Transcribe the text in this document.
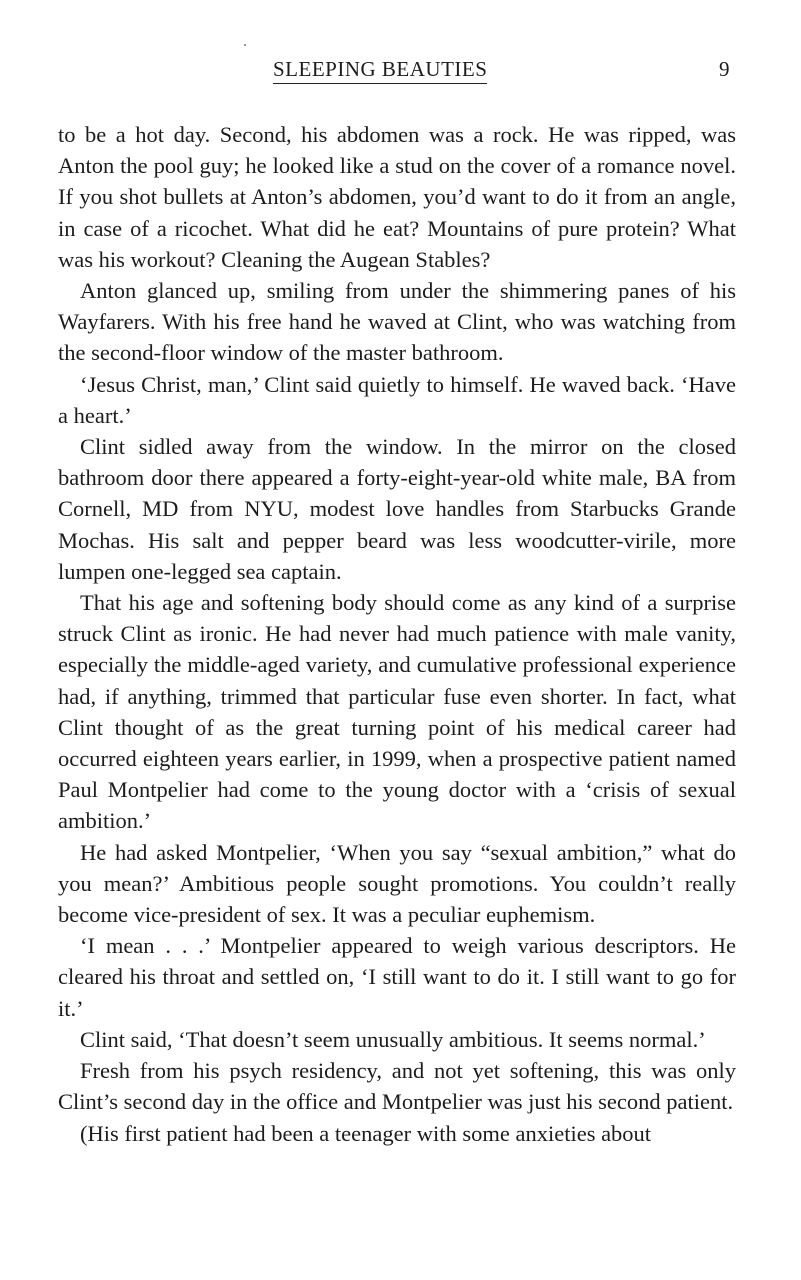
SLEEPING BEAUTIES	9

to be a hot day. Second, his abdomen was a rock. He was ripped, was Anton the pool guy; he looked like a stud on the cover of a romance novel. If you shot bullets at Anton’s abdomen, you’d want to do it from an angle, in case of a ricochet. What did he eat? Mountains of pure protein? What was his workout? Cleaning the Augean Stables?

Anton glanced up, smiling from under the shimmering panes of his Wayfarers. With his free hand he waved at Clint, who was watching from the second-floor window of the master bathroom.

‘Jesus Christ, man,’ Clint said quietly to himself. He waved back. ‘Have a heart.’

Clint sidled away from the window. In the mirror on the closed bathroom door there appeared a forty-eight-year-old white male, BA from Cornell, MD from NYU, modest love handles from Starbucks Grande Mochas. His salt and pepper beard was less woodcutter-virile, more lumpen one-legged sea captain.

That his age and softening body should come as any kind of a surprise struck Clint as ironic. He had never had much patience with male vanity, especially the middle-aged variety, and cumulative professional experience had, if anything, trimmed that particular fuse even shorter. In fact, what Clint thought of as the great turning point of his medical career had occurred eighteen years earlier, in 1999, when a prospective patient named Paul Montpelier had come to the young doctor with a ‘crisis of sexual ambition.’

He had asked Montpelier, ‘When you say “sexual ambition,” what do you mean?’ Ambitious people sought promotions. You couldn’t really become vice-president of sex. It was a peculiar euphemism.

‘I mean . . .’ Montpelier appeared to weigh various descriptors. He cleared his throat and settled on, ‘I still want to do it. I still want to go for it.’

Clint said, ‘That doesn’t seem unusually ambitious. It seems normal.’

Fresh from his psych residency, and not yet softening, this was only Clint’s second day in the office and Montpelier was just his second patient.

(His first patient had been a teenager with some anxieties about
